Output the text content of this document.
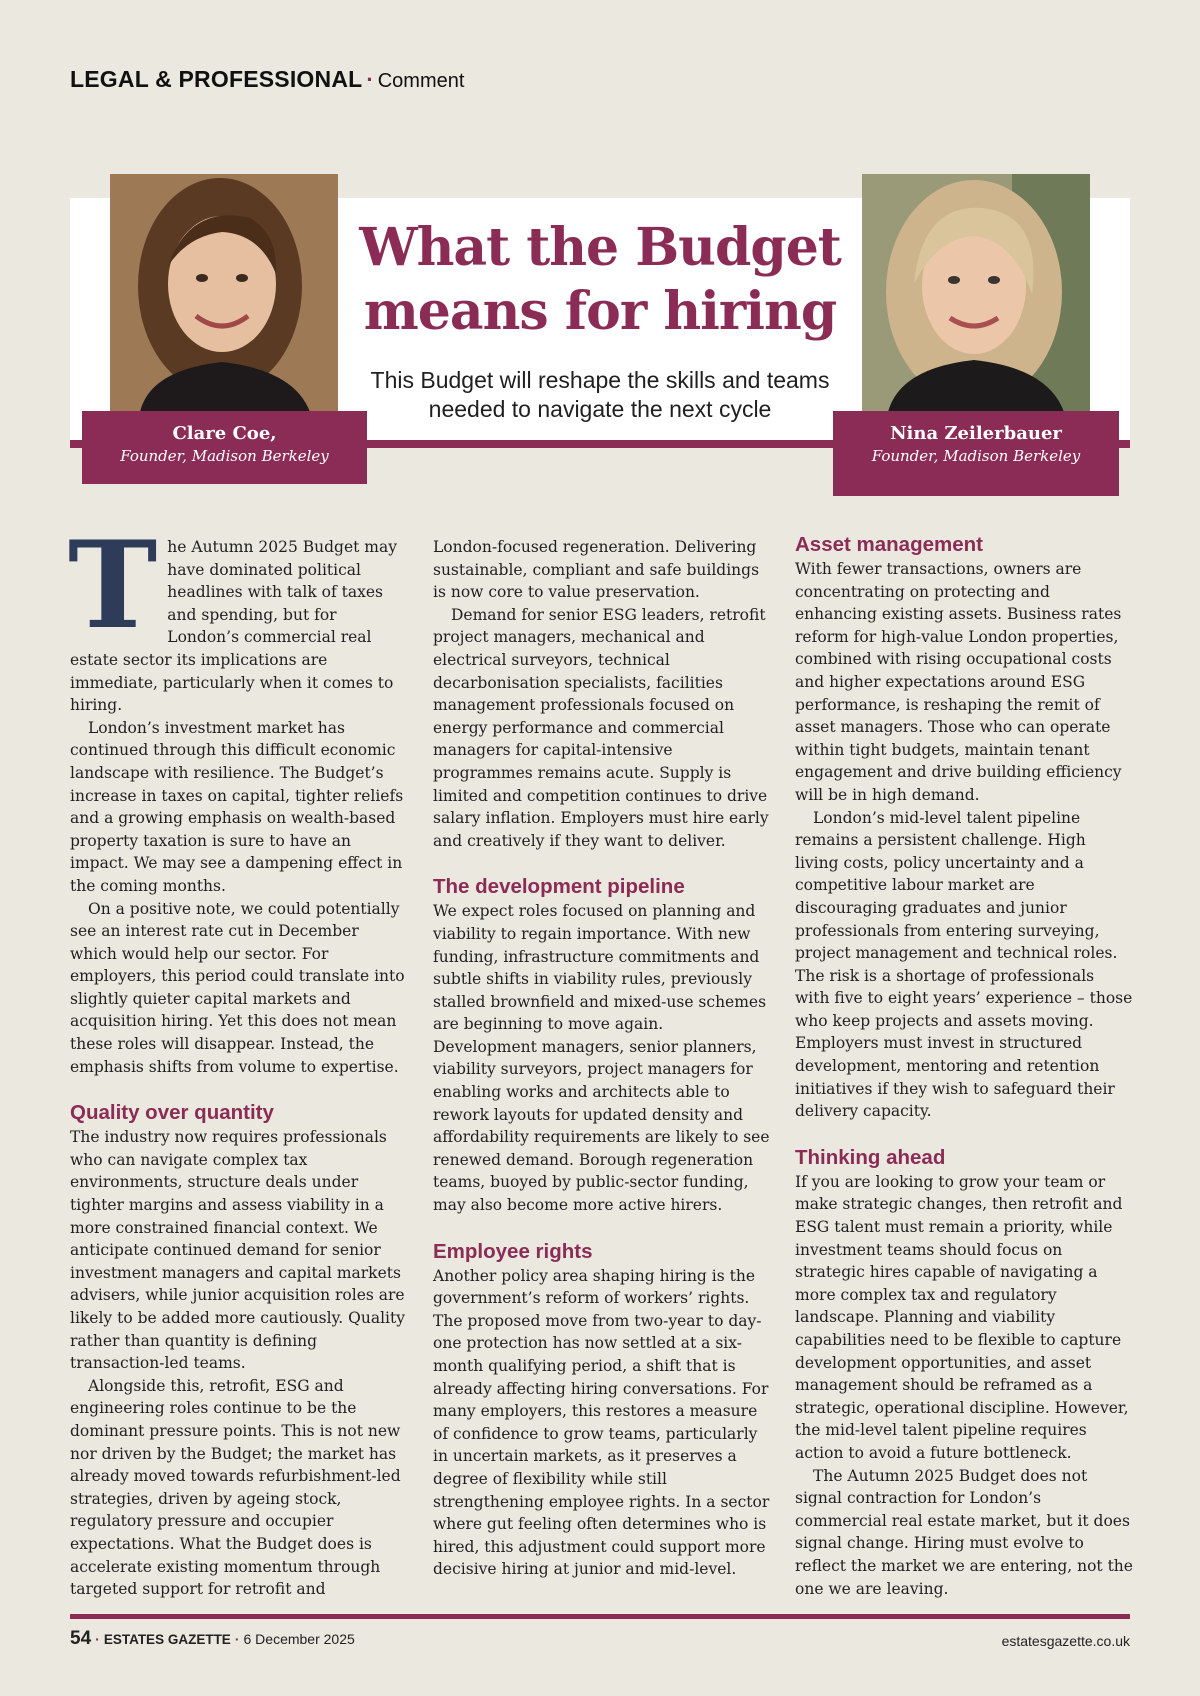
LEGAL & PROFESSIONAL · Comment
Clare Coe,
Founder, Madison Berkeley
Nina Zeilerbauer
Founder, Madison Berkeley
What the Budget
means for hiring
This Budget will reshape the skills and teams
needed to navigate the next cycle
T he Autumn 2025 Budget may have dominated political headlines with talk of taxes and spending, but for London’s commercial real estate sector its implications are immediate, particularly when it comes to hiring.

London’s investment market has continued through this difficult economic landscape with resilience. The Budget’s increase in taxes on capital, tighter reliefs and a growing emphasis on wealth-based property taxation is sure to have an impact. We may see a dampening effect in the coming months.

On a positive note, we could potentially see an interest rate cut in December which would help our sector. For employers, this period could translate into slightly quieter capital markets and acquisition hiring. Yet this does not mean these roles will disappear. Instead, the emphasis shifts from volume to expertise.

Quality over quantity

The industry now requires professionals who can navigate complex tax environments, structure deals under tighter margins and assess viability in a more constrained financial context. We anticipate continued demand for senior investment managers and capital markets advisers, while junior acquisition roles are likely to be added more cautiously. Quality rather than quantity is defining transaction-led teams.

Alongside this, retrofit, ESG and engineering roles continue to be the dominant pressure points. This is not new nor driven by the Budget; the market has already moved towards refurbishment-led strategies, driven by ageing stock, regulatory pressure and occupier expectations. What the Budget does is accelerate existing momentum through targeted support for retrofit and

London-focused regeneration. Delivering sustainable, compliant and safe buildings is now core to value preservation.

Demand for senior ESG leaders, retrofit project managers, mechanical and electrical surveyors, technical decarbonisation specialists, facilities management professionals focused on energy performance and commercial managers for capital-intensive programmes remains acute. Supply is limited and competition continues to drive salary inflation. Employers must hire early and creatively if they want to deliver.

The development pipeline

We expect roles focused on planning and viability to regain importance. With new funding, infrastructure commitments and subtle shifts in viability rules, previously stalled brownfield and mixed-use schemes are beginning to move again. Development managers, senior planners, viability surveyors, project managers for enabling works and architects able to rework layouts for updated density and affordability requirements are likely to see renewed demand. Borough regeneration teams, buoyed by public-sector funding, may also become more active hirers.

Employee rights

Another policy area shaping hiring is the government’s reform of workers’ rights. The proposed move from two-year to day-one protection has now settled at a six-month qualifying period, a shift that is already affecting hiring conversations. For many employers, this restores a measure of confidence to grow teams, particularly in uncertain markets, as it preserves a degree of flexibility while still strengthening employee rights. In a sector where gut feeling often determines who is hired, this adjustment could support more decisive hiring at junior and mid-level.

Asset management

With fewer transactions, owners are concentrating on protecting and enhancing existing assets. Business rates reform for high-value London properties, combined with rising occupational costs and higher expectations around ESG performance, is reshaping the remit of asset managers. Those who can operate within tight budgets, maintain tenant engagement and drive building efficiency will be in high demand.

London’s mid-level talent pipeline remains a persistent challenge. High living costs, policy uncertainty and a competitive labour market are discouraging graduates and junior professionals from entering surveying, project management and technical roles. The risk is a shortage of professionals with five to eight years’ experience – those who keep projects and assets moving. Employers must invest in structured development, mentoring and retention initiatives if they wish to safeguard their delivery capacity.

Thinking ahead

If you are looking to grow your team or make strategic changes, then retrofit and ESG talent must remain a priority, while investment teams should focus on strategic hires capable of navigating a more complex tax and regulatory landscape. Planning and viability capabilities need to be flexible to capture development opportunities, and asset management should be reframed as a strategic, operational discipline. However, the mid-level talent pipeline requires action to avoid a future bottleneck.

The Autumn 2025 Budget does not signal contraction for London’s commercial real estate market, but it does signal change. Hiring must evolve to reflect the market we are entering, not the one we are leaving.

54 · ESTATES GAZETTE · 6 December 2025	estatesgazette.co.uk
